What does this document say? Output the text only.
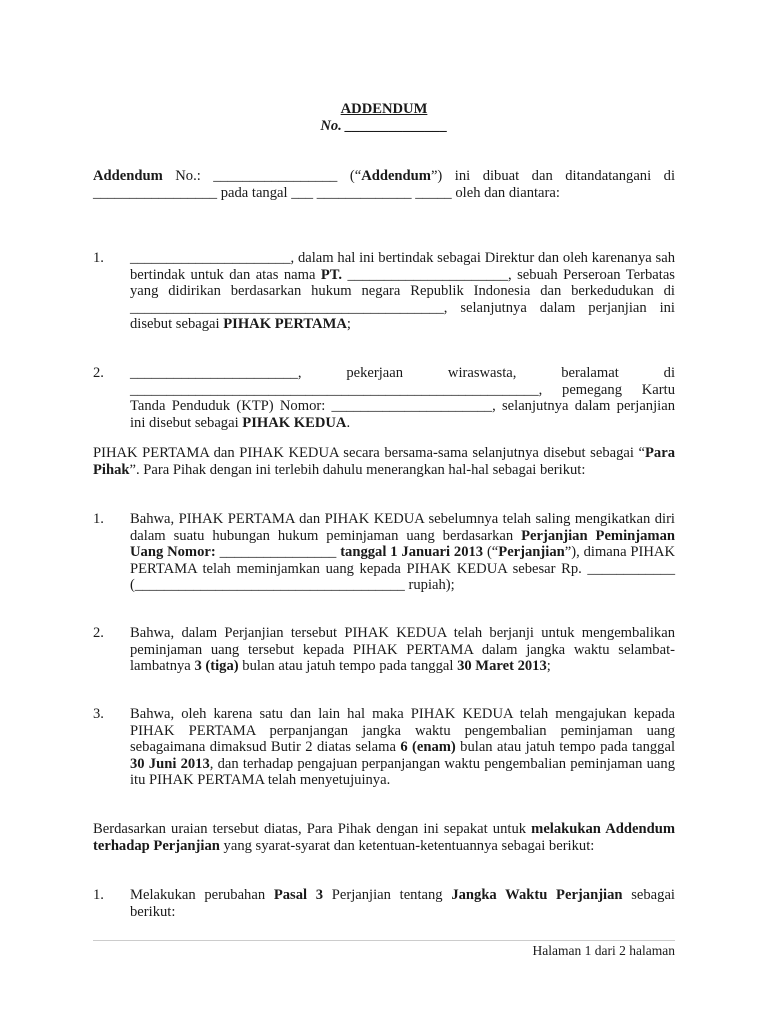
ADDENDUM
No. ______________
Addendum No.: _________________ (“Addendum”) ini dibuat dan ditandatangani di _________________ pada tangal ___ _____________ _____ oleh dan diantara:
1. ______________________, dalam hal ini bertindak sebagai Direktur dan oleh karenanya sah bertindak untuk dan atas nama PT. ______________________, sebuah Perseroan Terbatas yang didirikan berdasarkan hukum negara Republik Indonesia dan berkedudukan di ___________________________________________, selanjutnya dalam perjanjian ini disebut sebagai PIHAK PERTAMA;
2. _______________________, pekerjaan wiraswasta, beralamat di ________________________________________________________, pemegang Kartu Tanda Penduduk (KTP) Nomor: ______________________, selanjutnya dalam perjanjian ini disebut sebagai PIHAK KEDUA.
PIHAK PERTAMA dan PIHAK KEDUA secara bersama-sama selanjutnya disebut sebagai “Para Pihak”. Para Pihak dengan ini terlebih dahulu menerangkan hal-hal sebagai berikut:
1. Bahwa, PIHAK PERTAMA dan PIHAK KEDUA sebelumnya telah saling mengikatkan diri dalam suatu hubungan hukum peminjaman uang berdasarkan Perjanjian Peminjaman Uang Nomor: ________________ tanggal 1 Januari 2013 (“Perjanjian”), dimana PIHAK PERTAMA telah meminjamkan uang kepada PIHAK KEDUA sebesar Rp. ____________ (_____________________________________ rupiah);
2. Bahwa, dalam Perjanjian tersebut PIHAK KEDUA telah berjanji untuk mengembalikan peminjaman uang tersebut kepada PIHAK PERTAMA dalam jangka waktu selambat-lambatnya 3 (tiga) bulan atau jatuh tempo pada tanggal 30 Maret 2013;
3. Bahwa, oleh karena satu dan lain hal maka PIHAK KEDUA telah mengajukan kepada PIHAK PERTAMA perpanjangan jangka waktu pengembalian peminjaman uang sebagaimana dimaksud Butir 2 diatas selama 6 (enam) bulan atau jatuh tempo pada tanggal 30 Juni 2013, dan terhadap pengajuan perpanjangan waktu pengembalian peminjaman uang itu PIHAK PERTAMA telah menyetujuinya.
Berdasarkan uraian tersebut diatas, Para Pihak dengan ini sepakat untuk melakukan Addendum terhadap Perjanjian yang syarat-syarat dan ketentuan-ketentuannya sebagai berikut:
1. Melakukan perubahan Pasal 3 Perjanjian tentang Jangka Waktu Perjanjian sebagai berikut:
Halaman 1 dari 2 halaman
